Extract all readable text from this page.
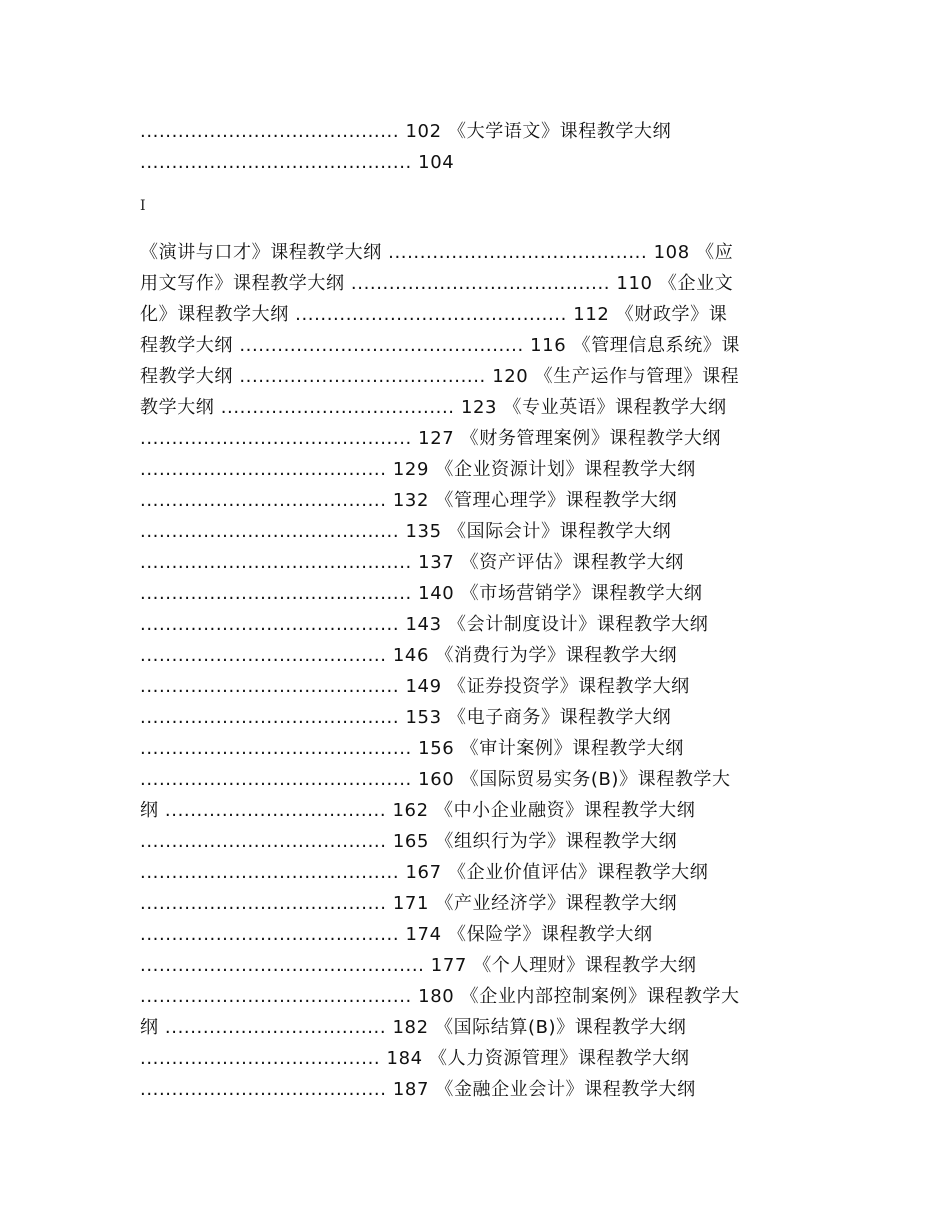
......................................... 102 《大学语文》课程教学大纲
........................................... 104
I
《演讲与口才》课程教学大纲 ......................................... 108 《应
用文写作》课程教学大纲 ......................................... 110 《企业文
化》课程教学大纲 ........................................... 112 《财政学》课
程教学大纲 ............................................. 116 《管理信息系统》课
程教学大纲 ....................................... 120 《生产运作与管理》课程
教学大纲 ..................................... 123 《专业英语》课程教学大纲
........................................... 127 《财务管理案例》课程教学大纲
....................................... 129 《企业资源计划》课程教学大纲
....................................... 132 《管理心理学》课程教学大纲
......................................... 135 《国际会计》课程教学大纲
........................................... 137 《资产评估》课程教学大纲
........................................... 140 《市场营销学》课程教学大纲
......................................... 143 《会计制度设计》课程教学大纲
....................................... 146 《消费行为学》课程教学大纲
......................................... 149 《证券投资学》课程教学大纲
......................................... 153 《电子商务》课程教学大纲
........................................... 156 《审计案例》课程教学大纲
........................................... 160 《国际贸易实务(B)》课程教学大
纲 ................................... 162 《中小企业融资》课程教学大纲
....................................... 165 《组织行为学》课程教学大纲
......................................... 167 《企业价值评估》课程教学大纲
....................................... 171 《产业经济学》课程教学大纲
......................................... 174 《保险学》课程教学大纲
............................................. 177 《个人理财》课程教学大纲
........................................... 180 《企业内部控制案例》课程教学大
纲 ................................... 182 《国际结算(B)》课程教学大纲
...................................... 184 《人力资源管理》课程教学大纲
....................................... 187 《金融企业会计》课程教学大纲
